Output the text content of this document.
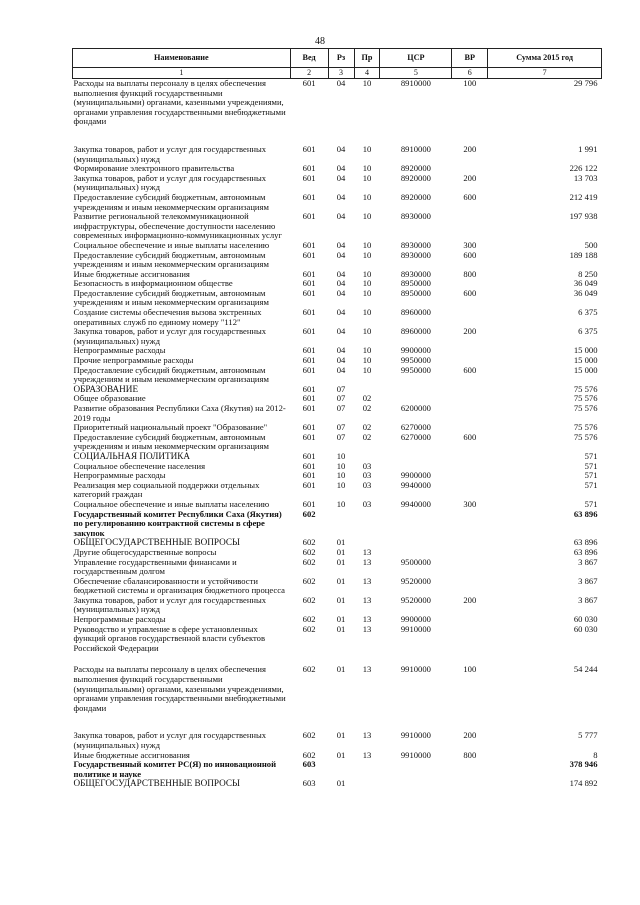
48
Наименование	Вед	Рз	Пр	ЦСР	ВР	Сумма 2015 год
1	2	3	4	5	6	7
Расходы на выплаты персоналу в целях обеспечения выполнения функций государственными (муниципальными) органами, казенными учреждениями, органами управления государственными внебюджетными фондами	601	04	10	8910000	100	29 796
Закупка товаров, работ и услуг для государственных (муниципальных) нужд	601	04	10	8910000	200	1 991
Формирование электронного правительства	601	04	10	8920000		226 122
Закупка товаров, работ и услуг для государственных (муниципальных) нужд	601	04	10	8920000	200	13 703
Предоставление субсидий бюджетным, автономным учреждениям и иным некоммерческим организациям	601	04	10	8920000	600	212 419
Развитие региональной телекоммуникационной инфраструктуры, обеспечение доступности населению современных информационно-коммуникационных услуг	601	04	10	8930000		197 938
Социальное обеспечение и иные выплаты населению	601	04	10	8930000	300	500
Предоставление субсидий бюджетным, автономным учреждениям и иным некоммерческим организациям	601	04	10	8930000	600	189 188
Иные бюджетные ассигнования	601	04	10	8930000	800	8 250
Безопасность в информационном обществе	601	04	10	8950000		36 049
Предоставление субсидий бюджетным, автономным учреждениям и иным некоммерческим организациям	601	04	10	8950000	600	36 049
Создание системы обеспечения вызова экстренных оперативных служб по единому номеру "112"	601	04	10	8960000		6 375
Закупка товаров, работ и услуг для государственных (муниципальных) нужд	601	04	10	8960000	200	6 375
Непрограммные расходы	601	04	10	9900000		15 000
Прочие непрограммные расходы	601	04	10	9950000		15 000
Предоставление субсидий бюджетным, автономным учреждениям и иным некоммерческим организациям	601	04	10	9950000	600	15 000
ОБРАЗОВАНИЕ	601	07				75 576
Общее образование	601	07	02			75 576
Развитие образования Республики Саха (Якутия) на 2012-2019 годы	601	07	02	6200000		75 576
Приоритетный национальный проект "Образование"	601	07	02	6270000		75 576
Предоставление субсидий бюджетным, автономным учреждениям и иным некоммерческим организациям	601	07	02	6270000	600	75 576
СОЦИАЛЬНАЯ ПОЛИТИКА	601	10				571
Социальное обеспечение населения	601	10	03			571
Непрограммные расходы	601	10	03	9900000		571
Реализация мер социальной поддержки отдельных категорий граждан	601	10	03	9940000		571
Социальное обеспечение и иные выплаты населению	601	10	03	9940000	300	571
Государственный комитет Республики Саха (Якутия) по регулированию контрактной системы в сфере закупок	602					63 896
ОБЩЕГОСУДАРСТВЕННЫЕ ВОПРОСЫ	602	01				63 896
Другие общегосударственные вопросы	602	01	13			63 896
Управление государственными финансами и государственным долгом	602	01	13	9500000		3 867
Обеспечение сбалансированности и устойчивости бюджетной системы и организация бюджетного процесса	602	01	13	9520000		3 867
Закупка товаров, работ и услуг для государственных (муниципальных) нужд	602	01	13	9520000	200	3 867
Непрограммные расходы	602	01	13	9900000		60 030
Руководство и управление в сфере установленных функций органов государственной власти субъектов Российской Федерации	602	01	13	9910000		60 030
Расходы на выплаты персоналу в целях обеспечения выполнения функций государственными (муниципальными) органами, казенными учреждениями, органами управления государственными внебюджетными фондами	602	01	13	9910000	100	54 244
Закупка товаров, работ и услуг для государственных (муниципальных) нужд	602	01	13	9910000	200	5 777
Иные бюджетные ассигнования	602	01	13	9910000	800	8
Государственный комитет РС(Я) по инновационной политике и науке	603					378 946
ОБЩЕГОСУДАРСТВЕННЫЕ ВОПРОСЫ	603	01				174 892
